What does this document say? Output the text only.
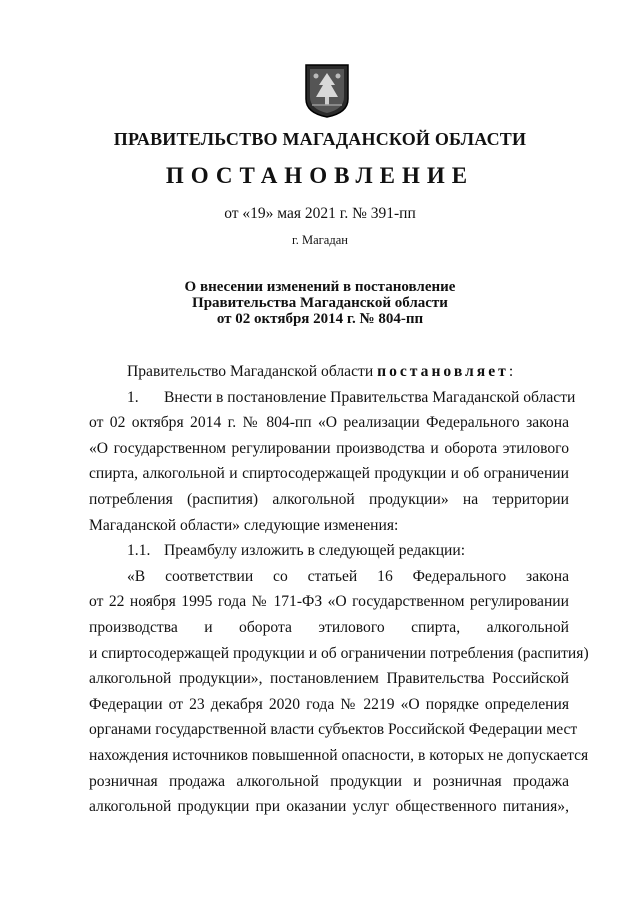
ПРАВИТЕЛЬСТВО МАГАДАНСКОЙ ОБЛАСТИ
ПОСТАНОВЛЕНИЕ
от «19» мая 2021 г. № 391-пп
г. Магадан
О внесении изменений в постановление
Правительства Магаданской области
от 02 октября 2014 г. № 804-пп
Правительство Магаданской области постановляет:
1. Внести в постановление Правительства Магаданской области
от 02 октября 2014 г. № 804-пп «О реализации Федерального закона
«О государственном регулировании производства и оборота этилового
спирта, алкогольной и спиртосодержащей продукции и об ограничении
потребления (распития) алкогольной продукции» на территории
Магаданской области» следующие изменения:
1.1. Преамбулу изложить в следующей редакции:
«В соответствии со статьей 16 Федерального закона
от 22 ноября 1995 года № 171-ФЗ «О государственном регулировании
производства и оборота этилового спирта, алкогольной
и спиртосодержащей продукции и об ограничении потребления (распития)
алкогольной продукции», постановлением Правительства Российской
Федерации от 23 декабря 2020 года № 2219 «О порядке определения
органами государственной власти субъектов Российской Федерации мест
нахождения источников повышенной опасности, в которых не допускается
розничная продажа алкогольной продукции и розничная продажа
алкогольной продукции при оказании услуг общественного питания»,
